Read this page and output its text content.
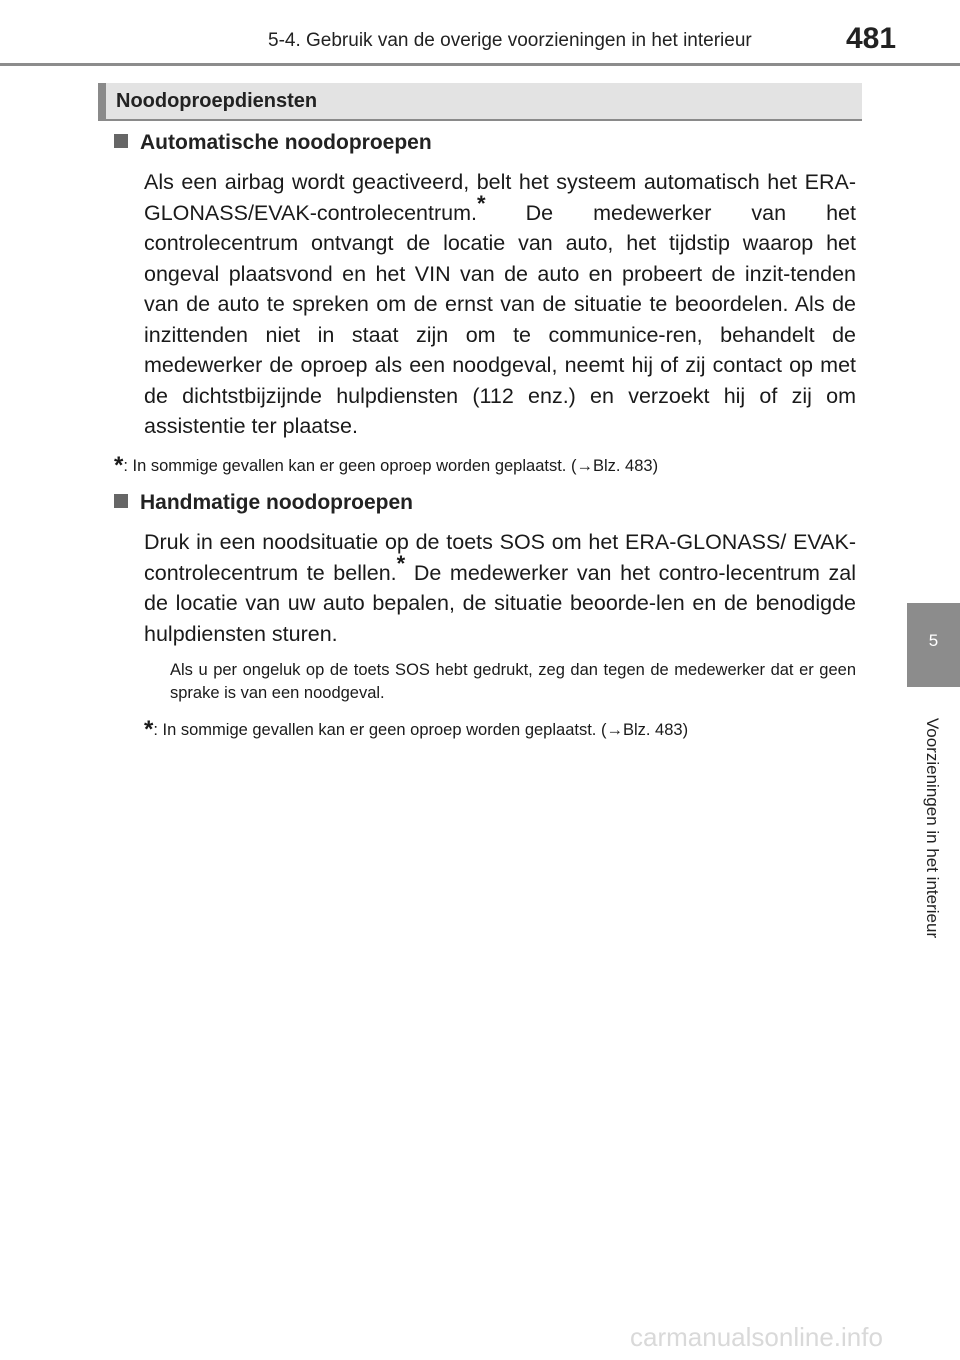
5-4. Gebruik van de overige voorzieningen in het interieur	481
Noodoproepdiensten
Automatische noodoproepen
Als een airbag wordt geactiveerd, belt het systeem automatisch het ERA-GLONASS/EVAK-controlecentrum.* De medewerker van het controlecentrum ontvangt de locatie van auto, het tijdstip waarop het ongeval plaatsvond en het VIN van de auto en probeert de inzit-tenden van de auto te spreken om de ernst van de situatie te beoordelen. Als de inzittenden niet in staat zijn om te communice-ren, behandelt de medewerker de oproep als een noodgeval, neemt hij of zij contact op met de dichtstbijzijnde hulpdiensten (112 enz.) en verzoekt hij of zij om assistentie ter plaatse.
*: In sommige gevallen kan er geen oproep worden geplaatst. (→Blz. 483)
Handmatige noodoproepen
Druk in een noodsituatie op de toets SOS om het ERA-GLONASS/ EVAK-controlecentrum te bellen.* De medewerker van het contro-lecentrum zal de locatie van uw auto bepalen, de situatie beoorde-len en de benodigde hulpdiensten sturen.
Als u per ongeluk op de toets SOS hebt gedrukt, zeg dan tegen de medewerker dat er geen sprake is van een noodgeval.
*: In sommige gevallen kan er geen oproep worden geplaatst. (→Blz. 483)
5
Voorzieningen in het interieur
carmanualsonline.info
